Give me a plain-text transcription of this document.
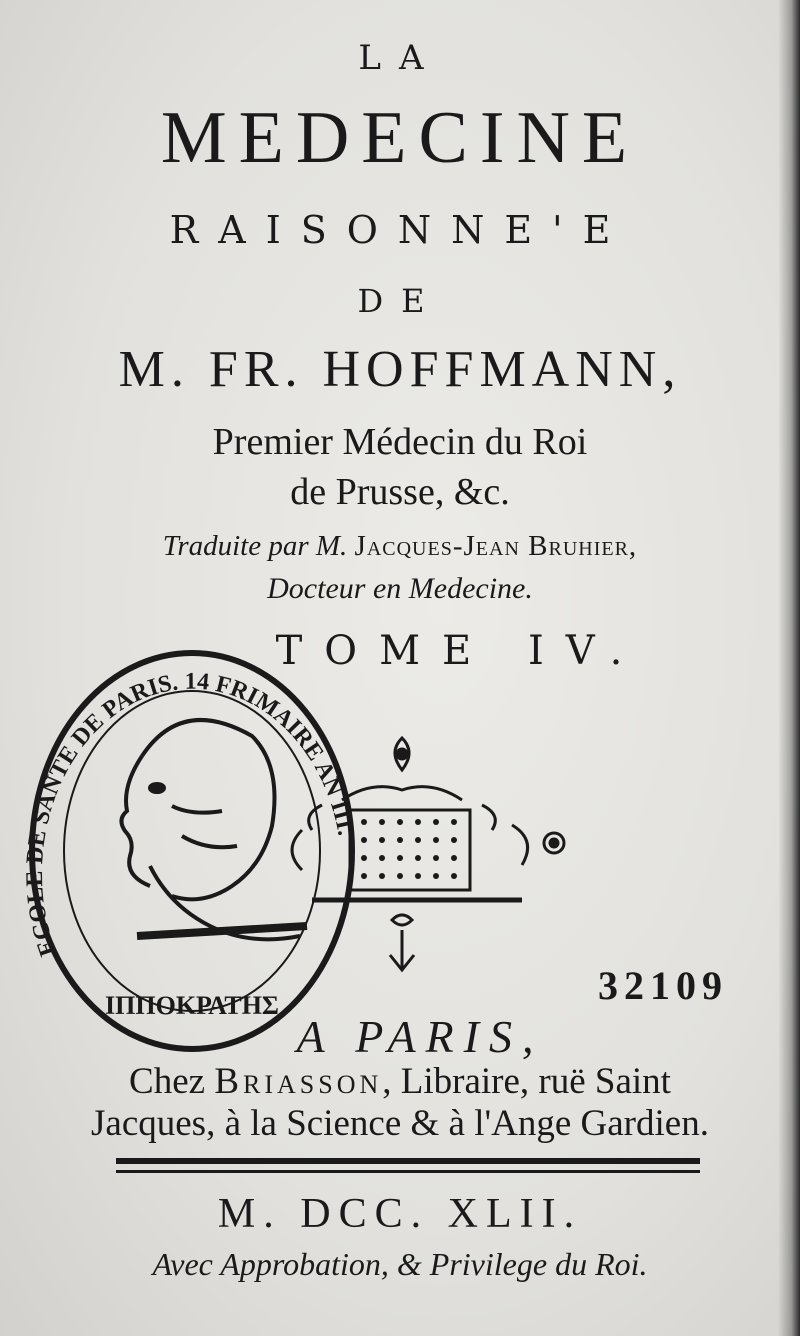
LA
MEDECINE
RAISONNE'E
DE
M. FR. HOFFMANN,
Premier Médecin du Roi
de Prusse, &c.
Traduite par M. Jacques-Jean Bruhier,
Docteur en Medecine.
TOME IV.
ECOLE DE SANTE DE PARIS. 14 FRIMAIRE AN III.
ΙΠΠΟΚΡΑΤΗΣ	32109
A PARIS,
Chez Briasson, Libraire, ruë Saint
Jacques, à la Science & à l'Ange Gardien.
M. DCC. XLII.
Avec Approbation, & Privilege du Roi.
